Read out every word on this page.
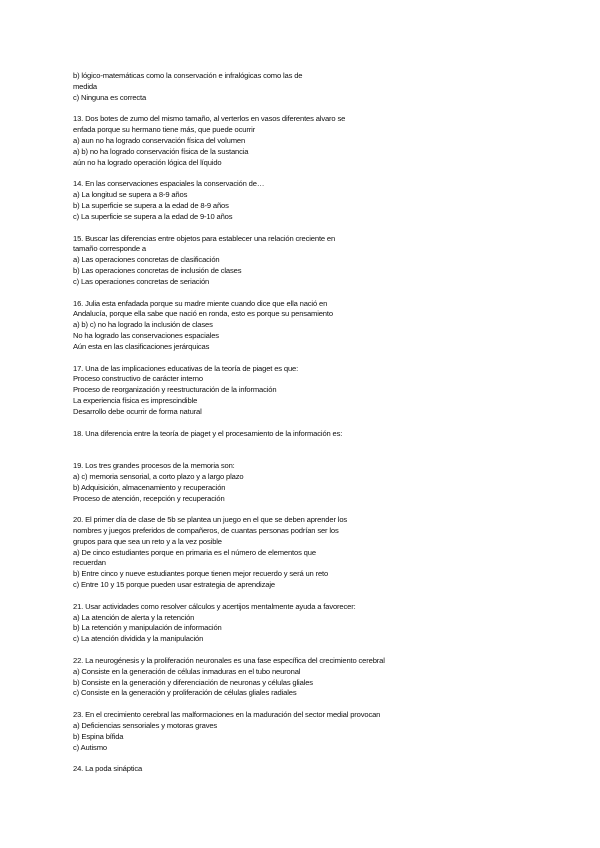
b) lógico-matemáticas como la conservación e infralógicas como las de
medida
c) Ninguna es correcta
13. Dos botes de zumo del mismo tamaño, al verterlos en vasos diferentes alvaro se
enfada porque su hermano tiene más, que puede ocurrir
a) aun no ha logrado conservación física del volumen
a) b) no ha logrado conservación física de la sustancia
aún no ha logrado operación lógica del líquido
14. En las conservaciones espaciales la conservación de…
a) La longitud se supera a 8-9 años
b) La superficie se supera a la edad de 8-9 años
c) La superficie se supera a la edad de 9-10 años
15. Buscar las diferencias entre objetos para establecer una relación creciente en
tamaño corresponde a
a) Las operaciones concretas de clasificación
b) Las operaciones concretas de inclusión de clases
c) Las operaciones concretas de seriación
16. Julia esta enfadada porque su madre miente cuando dice que ella nació en
Andalucía, porque ella sabe que nació en ronda, esto es porque su pensamiento
a) b) c) no ha logrado la inclusión de clases
No ha logrado las conservaciones espaciales
Aún esta en las clasificaciones jerárquicas
17. Una de las implicaciones educativas de la teoría de piaget es que:
Proceso constructivo de carácter interno
Proceso de reorganización y reestructuración de la información
La experiencia física es imprescindible
Desarrollo debe ocurrir de forma natural
18. Una diferencia entre la teoría de piaget y el procesamiento de la información es:
19. Los tres grandes procesos de la memoria son:
a) c) memoria sensorial, a corto plazo y a largo plazo
b) Adquisición, almacenamiento y recuperación
Proceso de atención, recepción y recuperación
20. El primer día de clase de 5b se plantea un juego en el que se deben aprender los
nombres y juegos preferidos de compañeros, de cuantas personas podrían ser los
grupos para que sea un reto y a la vez posible
a) De cinco estudiantes porque en primaria es el número de elementos que
recuerdan
b) Entre cinco y nueve estudiantes porque tienen mejor recuerdo y será un reto
c) Entre 10 y 15 porque pueden usar estrategia de aprendizaje
21. Usar actividades como resolver cálculos y acertijos mentalmente ayuda a favorecer:
a) La atención de alerta y la retención
b) La retención y manipulación de información
c) La atención dividida y la manipulación
22. La neurogénesis y la proliferación neuronales es una fase específica del crecimiento cerebral
a) Consiste en la generación de células inmaduras en el tubo neuronal
b) Consiste en la generación y diferenciación de neuronas y células gliales
c) Consiste en la generación y proliferación de células gliales radiales
23. En el crecimiento cerebral las malformaciones en la maduración del sector medial provocan
a) Deficiencias sensoriales y motoras graves
b) Espina bífida
c) Autismo
24. La poda sináptica
